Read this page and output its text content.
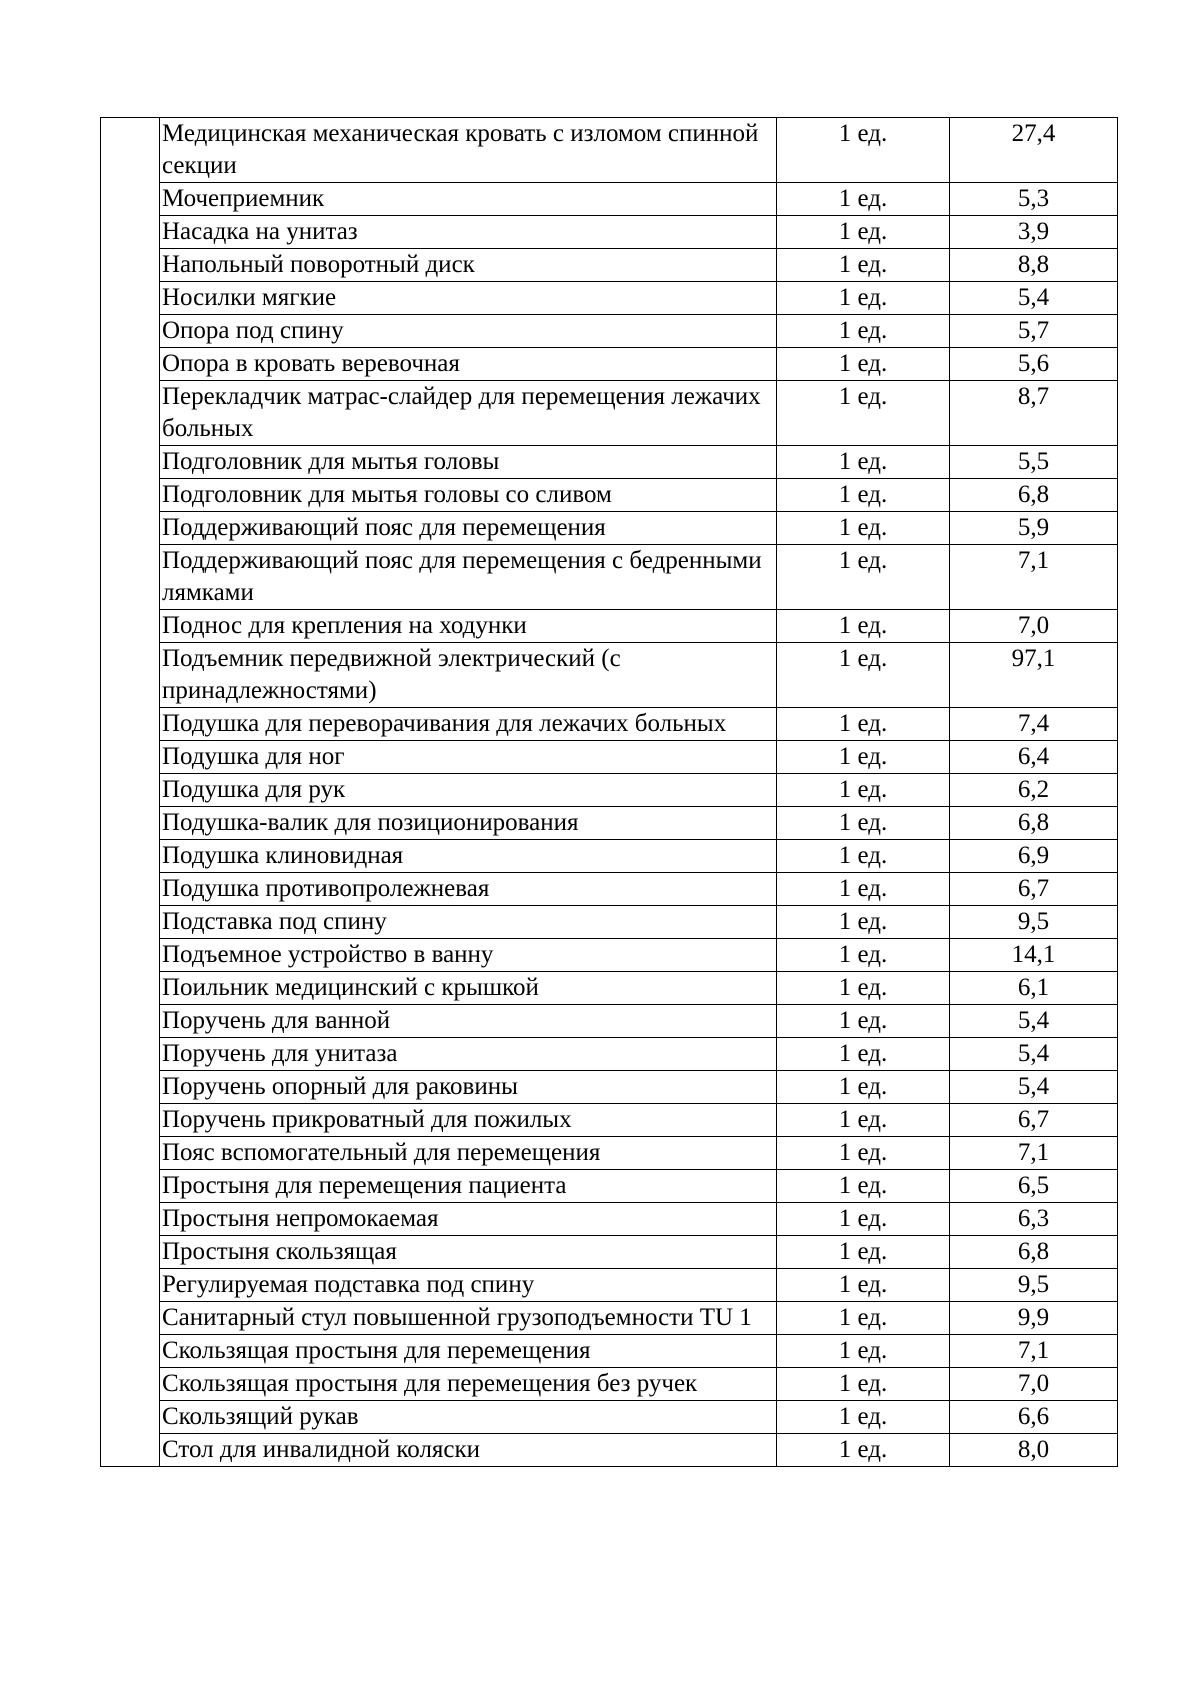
	Медицинская механическая кровать с изломом спинной секции	1 ед.	27,4
	Мочеприемник	1 ед.	5,3
	Насадка на унитаз	1 ед.	3,9
	Напольный поворотный диск	1 ед.	8,8
	Носилки мягкие	1 ед.	5,4
	Опора под спину	1 ед.	5,7
	Опора в кровать веревочная	1 ед.	5,6
	Перекладчик матрас-слайдер для перемещения лежачих больных	1 ед.	8,7
	Подголовник для мытья головы	1 ед.	5,5
	Подголовник для мытья головы со сливом	1 ед.	6,8
	Поддерживающий пояс для перемещения	1 ед.	5,9
	Поддерживающий пояс для перемещения с бедренными лямками	1 ед.	7,1
	Поднос для крепления на ходунки	1 ед.	7,0
	Подъемник передвижной электрический (с принадлежностями)	1 ед.	97,1
	Подушка для переворачивания для лежачих больных	1 ед.	7,4
	Подушка для ног	1 ед.	6,4
	Подушка для рук	1 ед.	6,2
	Подушка-валик для позиционирования	1 ед.	6,8
	Подушка клиновидная	1 ед.	6,9
	Подушка противопролежневая	1 ед.	6,7
	Подставка под спину	1 ед.	9,5
	Подъемное устройство в ванну	1 ед.	14,1
	Поильник медицинский с крышкой	1 ед.	6,1
	Поручень для ванной	1 ед.	5,4
	Поручень для унитаза	1 ед.	5,4
	Поручень опорный для раковины	1 ед.	5,4
	Поручень прикроватный для пожилых	1 ед.	6,7
	Пояс вспомогательный для перемещения	1 ед.	7,1
	Простыня для перемещения пациента	1 ед.	6,5
	Простыня непромокаемая	1 ед.	6,3
	Простыня скользящая	1 ед.	6,8
	Регулируемая подставка под спину	1 ед.	9,5
	Санитарный стул повышенной грузоподъемности TU 1	1 ед.	9,9
	Скользящая простыня для перемещения	1 ед.	7,1
	Скользящая простыня для перемещения без ручек	1 ед.	7,0
	Скользящий рукав	1 ед.	6,6
	Стол для инвалидной коляски	1 ед.	8,0
